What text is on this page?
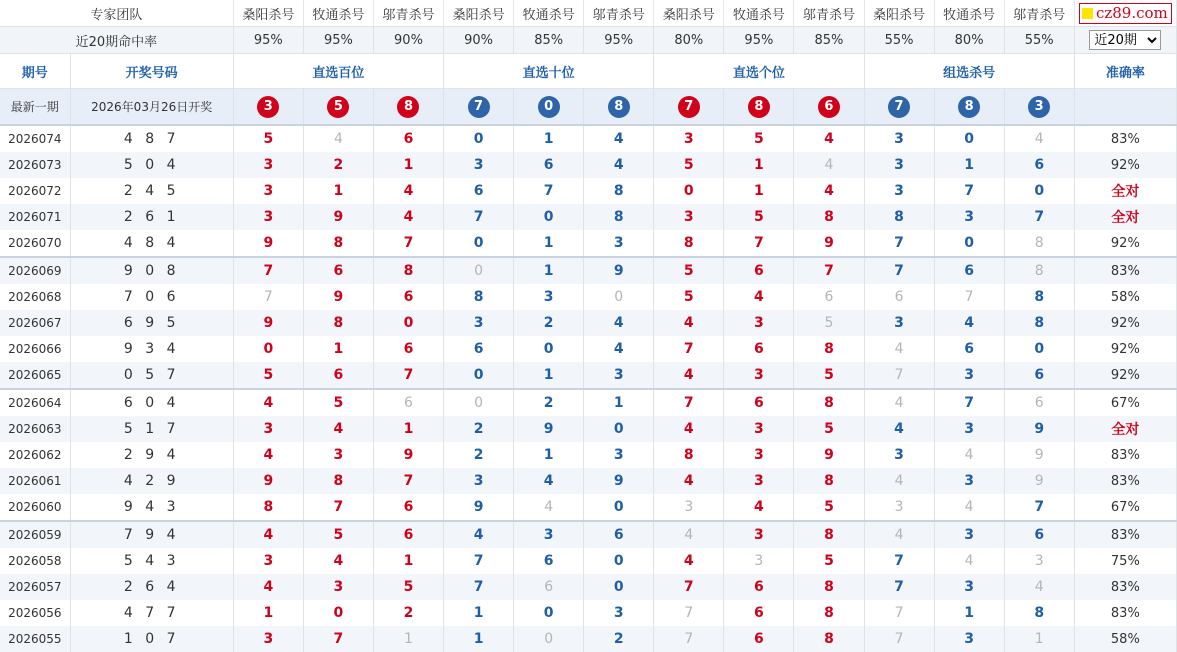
专家团队		桑阳杀号	牧通杀号	邬青杀号	桑阳杀号	牧通杀号	邬青杀号	桑阳杀号	牧通杀号	邬青杀号	桑阳杀号	牧通杀号	邬青杀号	cz89.com

近20期命中率		95%	95%	90%	90%	85%	95%	80%	95%	85%	55%	80%	55%	
近20期
期号	开奖号码	直选百位			直选十位			直选个位			组选杀号			准确率
最新一期	2026年03月26日开奖	3	5	8	7	0	8	7	8	6	7	8	3	
2026074	4 8 7	5	4	6	0	1	4	3	5	4	3	0	4	83%
2026073	5 0 4	3	2	1	3	6	4	5	1	4	3	1	6	92%
2026072	2 4 5	3	1	4	6	7	8	0	1	4	3	7	0	全对
2026071	2 6 1	3	9	4	7	0	8	3	5	8	8	3	7	全对
2026070	4 8 4	9	8	7	0	1	3	8	7	9	7	0	8	92%
2026069	9 0 8	7	6	8	0	1	9	5	6	7	7	6	8	83%
2026068	7 0 6	7	9	6	8	3	0	5	4	6	6	7	8	58%
2026067	6 9 5	9	8	0	3	2	4	4	3	5	3	4	8	92%
2026066	9 3 4	0	1	6	6	0	4	7	6	8	4	6	0	92%
2026065	0 5 7	5	6	7	0	1	3	4	3	5	7	3	6	92%
2026064	6 0 4	4	5	6	0	2	1	7	6	8	4	7	6	67%
2026063	5 1 7	3	4	1	2	9	0	4	3	5	4	3	9	全对
2026062	2 9 4	4	3	9	2	1	3	8	3	9	3	4	9	83%
2026061	4 2 9	9	8	7	3	4	9	4	3	8	4	3	9	83%
2026060	9 4 3	8	7	6	9	4	0	3	4	5	3	4	7	67%
2026059	7 9 4	4	5	6	4	3	6	4	3	8	4	3	6	83%
2026058	5 4 3	3	4	1	7	6	0	4	3	5	7	4	3	75%
2026057	2 6 4	4	3	5	7	6	0	7	6	8	7	3	4	83%
2026056	4 7 7	1	0	2	1	0	3	7	6	8	7	1	8	83%
2026055	1 0 7	3	7	1	1	0	2	7	6	8	7	3	1	58%
